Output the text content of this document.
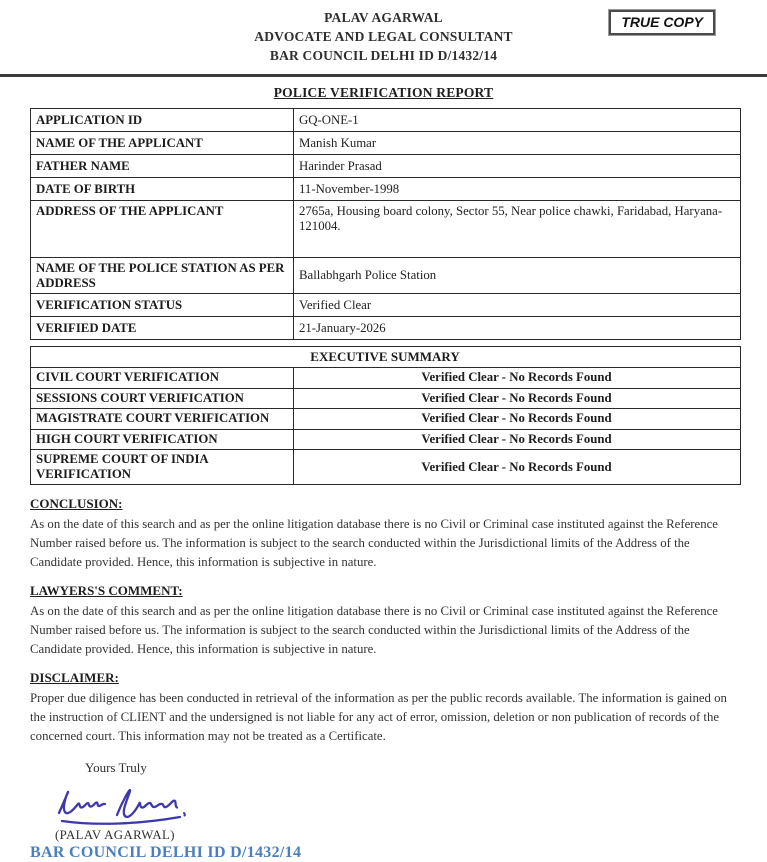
PALAV AGARWAL
ADVOCATE AND LEGAL CONSULTANT
BAR COUNCIL DELHI ID D/1432/14
TRUE COPY
POLICE VERIFICATION REPORT
APPLICATION ID	GQ-ONE-1
NAME OF THE APPLICANT	Manish Kumar
FATHER NAME	Harinder Prasad
DATE OF BIRTH	11-November-1998
ADDRESS OF THE APPLICANT	2765a, Housing board colony, Sector 55, Near police chawki, Faridabad, Haryana-121004.
NAME OF THE POLICE STATION AS PER ADDRESS	Ballabhgarh Police Station
VERIFICATION STATUS	Verified Clear
VERIFIED DATE	21-January-2026
EXECUTIVE SUMMARY	
CIVIL COURT VERIFICATION	Verified Clear - No Records Found
SESSIONS COURT VERIFICATION	Verified Clear - No Records Found
MAGISTRATE COURT VERIFICATION	Verified Clear - No Records Found
HIGH COURT VERIFICATION	Verified Clear - No Records Found
SUPREME COURT OF INDIA VERIFICATION	Verified Clear - No Records Found
CONCLUSION:
As on the date of this search and as per the online litigation database there is no Civil or Criminal case instituted against the Reference Number raised before us. The information is subject to the search conducted within the Jurisdictional limits of the Address of the Candidate provided. Hence, this information is subjective in nature.
LAWYERS'S COMMENT:
As on the date of this search and as per the online litigation database there is no Civil or Criminal case instituted against the Reference Number raised before us. The information is subject to the search conducted within the Jurisdictional limits of the Address of the Candidate provided. Hence, this information is subjective in nature.
DISCLAIMER:
Proper due diligence has been conducted in retrieval of the information as per the public records available. The information is gained on the instruction of CLIENT and the undersigned is not liable for any act of error, omission, deletion or non publication of records of the concerned court. This information may not be treated as a Certificate.
Yours Truly
(PALAV AGARWAL)
BAR COUNCIL DELHI ID D/1432/14
